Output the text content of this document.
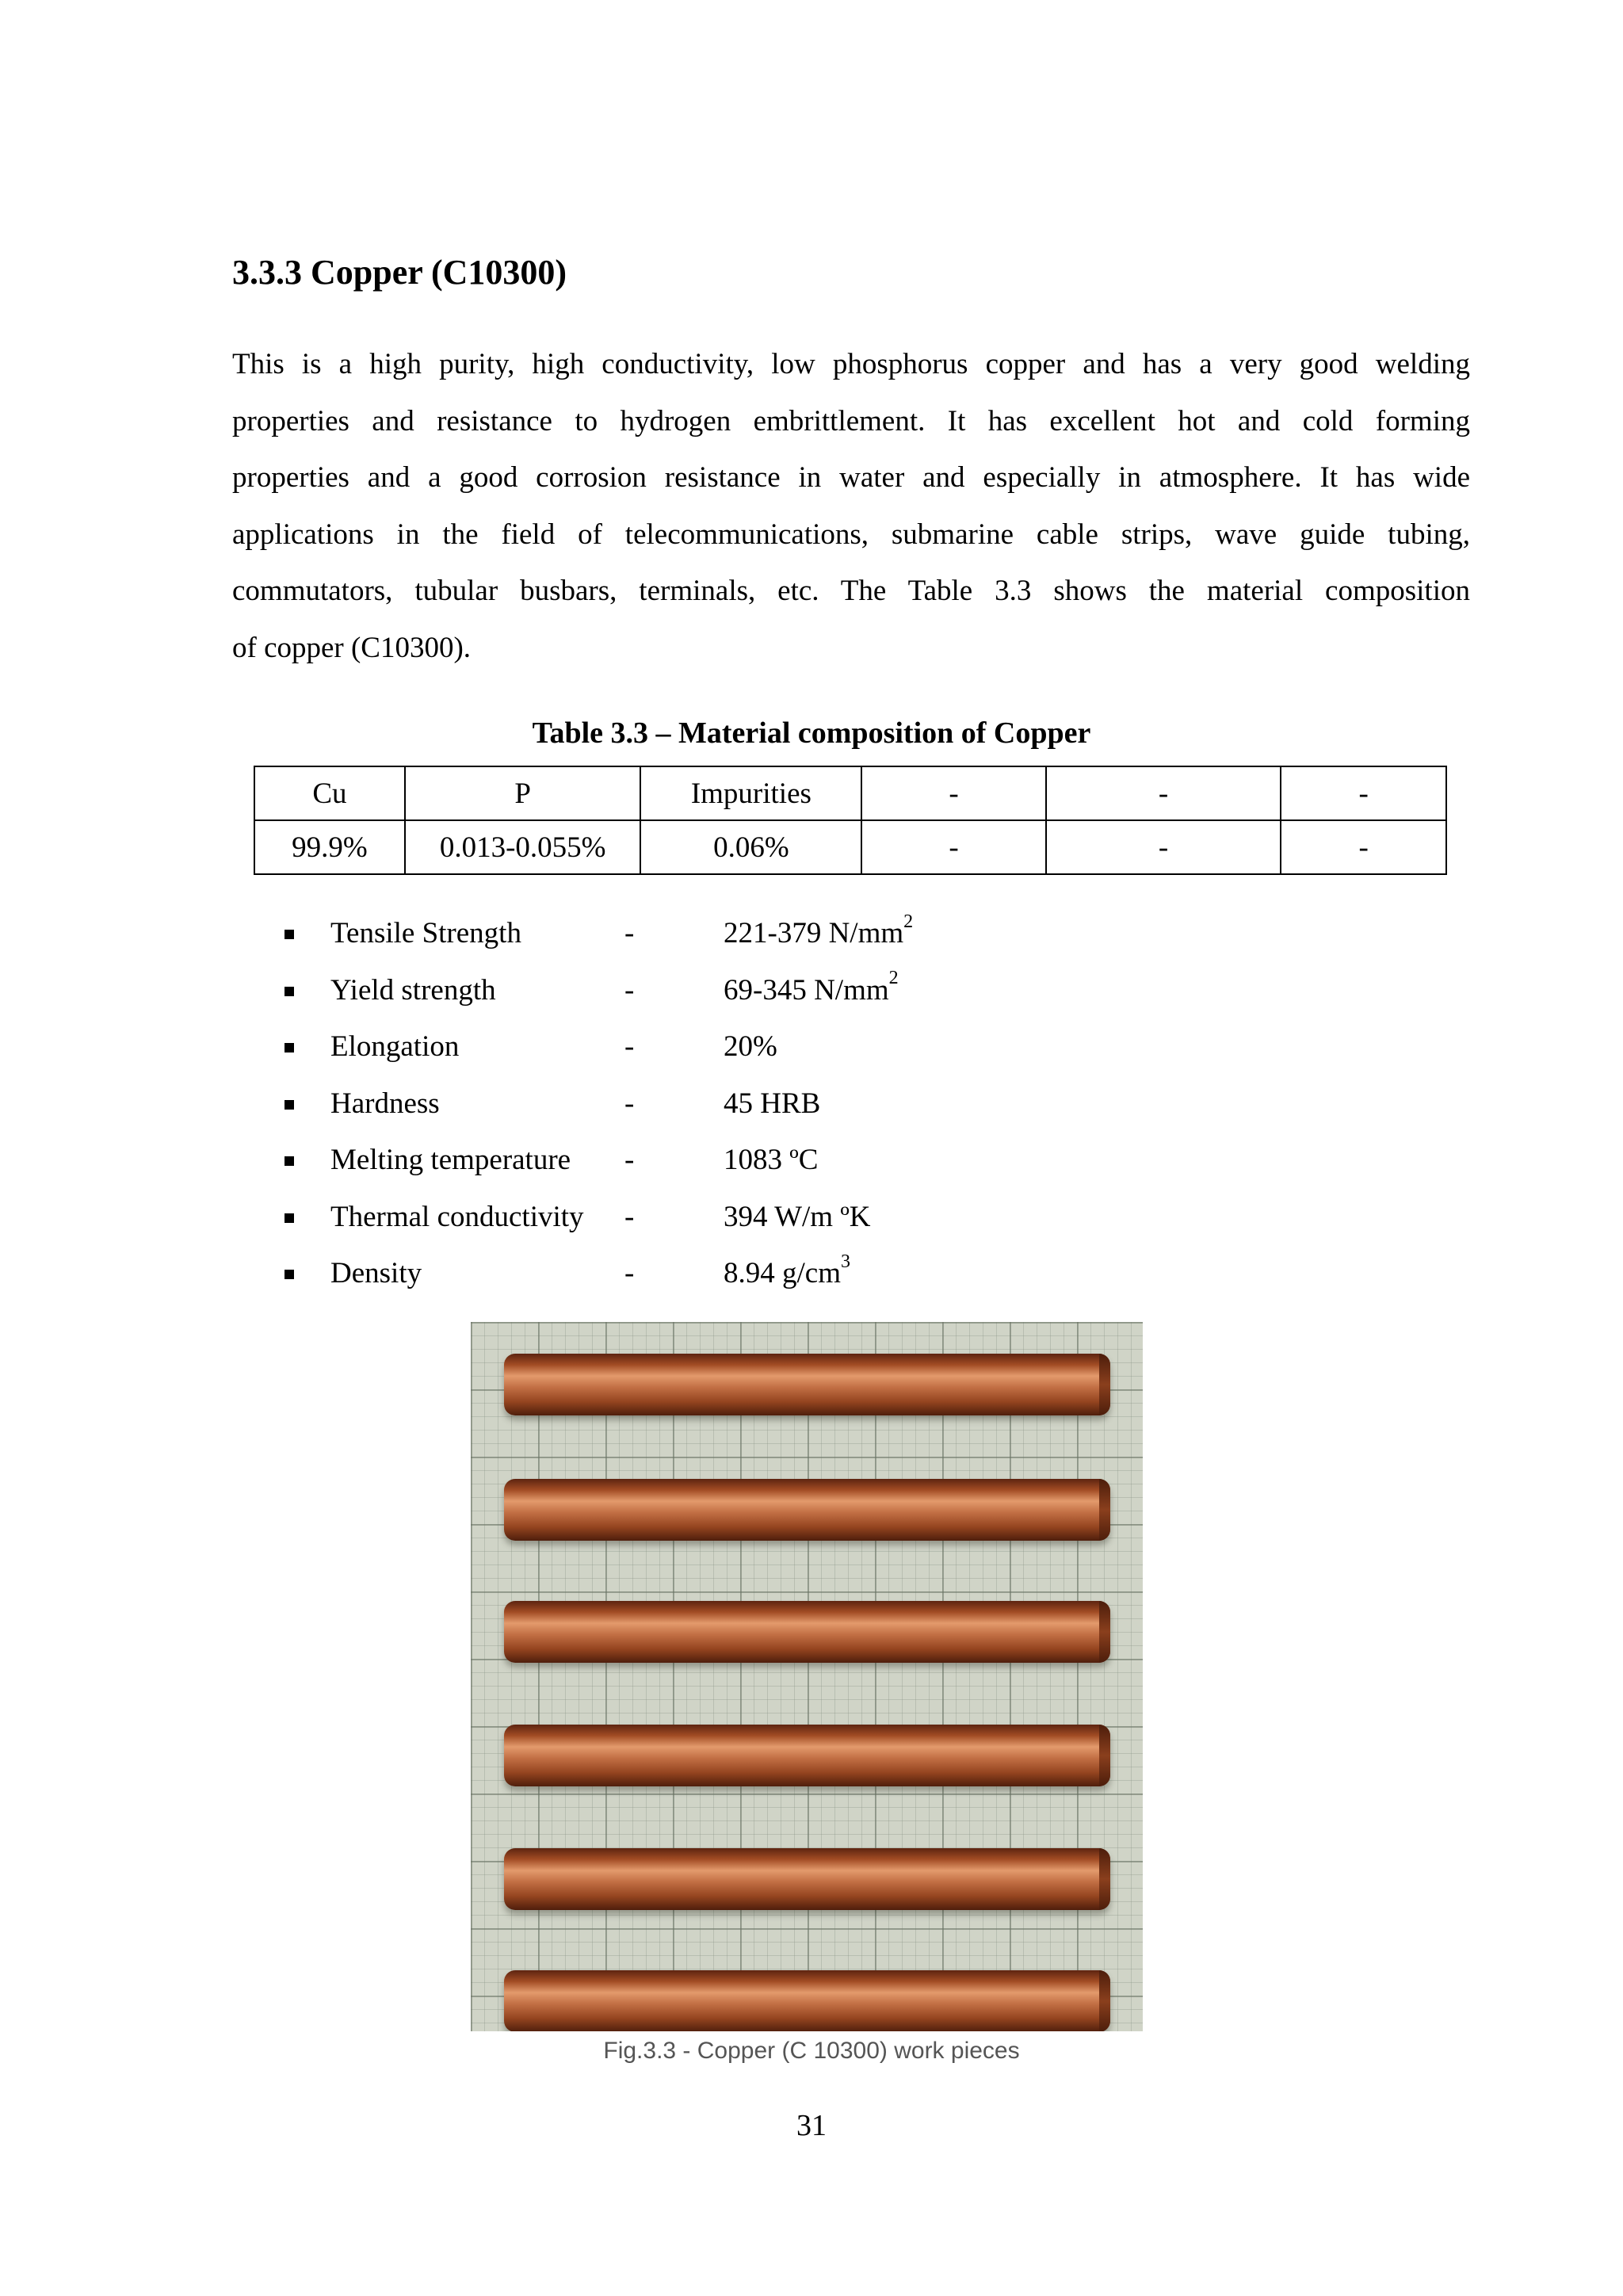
3.3.3 Copper (C10300)
This is a high purity, high conductivity, low phosphorus copper and has a very good welding
properties and resistance to hydrogen embrittlement. It has excellent hot and cold forming
properties and a good corrosion resistance in water and especially in atmosphere. It has wide
applications in the field of telecommunications, submarine cable strips, wave guide tubing,
commutators, tubular busbars, terminals, etc. The Table 3.3 shows the material composition
of copper (C10300).

Table 3.3 – Material composition of Copper

Cu	P	Impurities	-	-	-
99.9%	0.013-0.055%	0.06%	-	-	-
Tensile Strength	-	221-379 $N/mm^2$
Yield strength	-	69-345 $N/mm^2$
Elongation	-	20%
Hardness	-	45 HRB
Melting temperature -	1083 ºC
Thermal conductivity -	394 W/m ºK
Density	-	8.94 $g/cm^3$

Fig.3.3 - Copper (C 10300) work pieces

31
